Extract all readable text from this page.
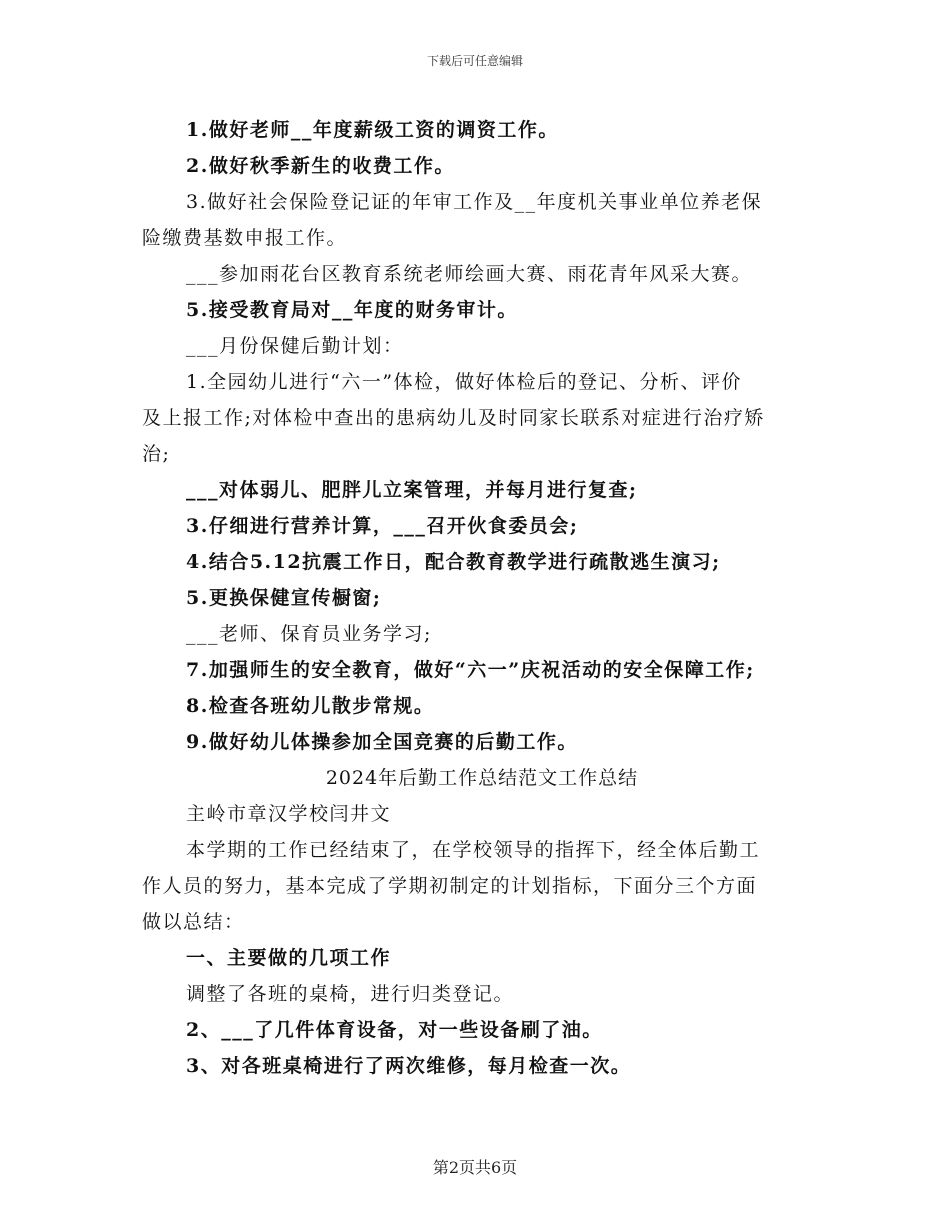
下载后可任意编辑
1.做好老师__年度薪级工资的调资工作。
2.做好秋季新生的收费工作。
3.做好社会保险登记证的年审工作及__年度机关事业单位养老保
险缴费基数申报工作。
___参加雨花台区教育系统老师绘画大赛、雨花青年风采大赛。
5.接受教育局对__年度的财务审计。
___月份保健后勤计划：
1.全园幼儿进行“六一”体检，做好体检后的登记、分析、评价
及上报工作;对体检中查出的患病幼儿及时同家长联系对症进行治疗矫
治;
___对体弱儿、肥胖儿立案管理，并每月进行复查;
3.仔细进行营养计算，___召开伙食委员会;
4.结合5.12抗震工作日，配合教育教学进行疏散逃生演习;
5.更换保健宣传橱窗;
___老师、保育员业务学习;
7.加强师生的安全教育，做好“六一”庆祝活动的安全保障工作;
8.检查各班幼儿散步常规。
9.做好幼儿体操参加全国竞赛的后勤工作。
2024年后勤工作总结范文工作总结
主岭市章汉学校闫井文
本学期的工作已经结束了，在学校领导的指挥下，经全体后勤工
作人员的努力，基本完成了学期初制定的计划指标，下面分三个方面
做以总结：
一、主要做的几项工作
调整了各班的桌椅，进行归类登记。
2、___了几件体育设备，对一些设备刷了油。
3、对各班桌椅进行了两次维修，每月检查一次。
第2页共6页
